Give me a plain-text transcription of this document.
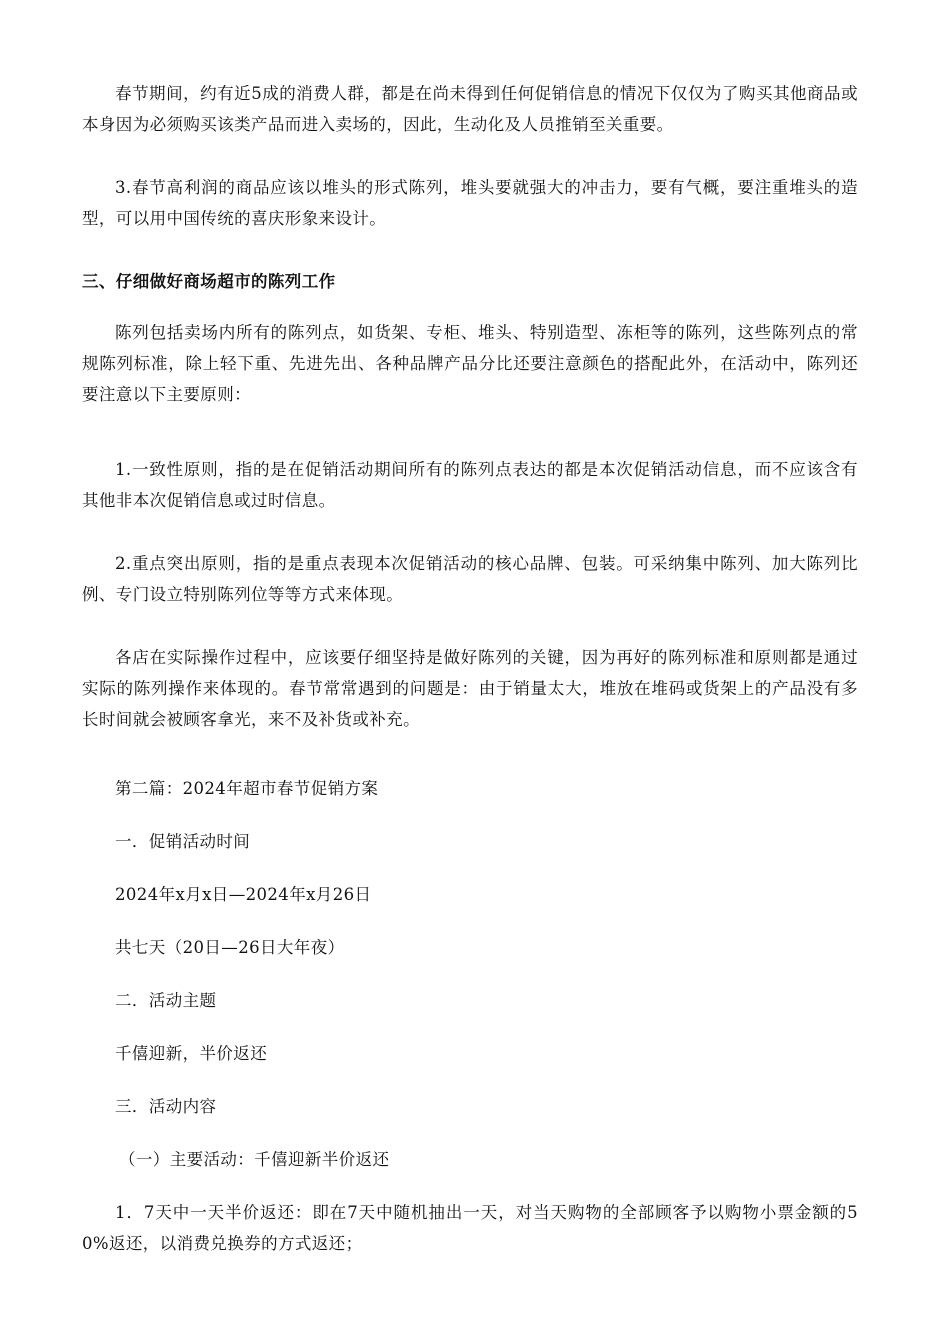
春节期间，约有近5成的消费人群，都是在尚未得到任何促销信息的情况下仅仅为了购买其他商品或本身因为必须购买该类产品而进入卖场的，因此，生动化及人员推销至关重要。

3.春节高利润的商品应该以堆头的形式陈列，堆头要就强大的冲击力，要有气概，要注重堆头的造型，可以用中国传统的喜庆形象来设计。

三、仔细做好商场超市的陈列工作

陈列包括卖场内所有的陈列点，如货架、专柜、堆头、特别造型、冻柜等的陈列，这些陈列点的常规陈列标准，除上轻下重、先进先出、各种品牌产品分比还要注意颜色的搭配此外，在活动中，陈列还要注意以下主要原则：

1.一致性原则，指的是在促销活动期间所有的陈列点表达的都是本次促销活动信息，而不应该含有其他非本次促销信息或过时信息。

2.重点突出原则，指的是重点表现本次促销活动的核心品牌、包装。可采纳集中陈列、加大陈列比例、专门设立特别陈列位等等方式来体现。

各店在实际操作过程中，应该要仔细坚持是做好陈列的关键，因为再好的陈列标准和原则都是通过实际的陈列操作来体现的。春节常常遇到的问题是：由于销量太大，堆放在堆码或货架上的产品没有多长时间就会被顾客拿光，来不及补货或补充。

第二篇：2024年超市春节促销方案

一．促销活动时间

2024年x月x日—2024年x月26日

共七天（20日—26日大年夜）

二．活动主题

千僖迎新，半价返还

三．活动内容

（一）主要活动：千僖迎新半价返还

1．7天中一天半价返还：即在7天中随机抽出一天，对当天购物的全部顾客予以购物小票金额的50%返还，以消费兑换券的方式返还；
